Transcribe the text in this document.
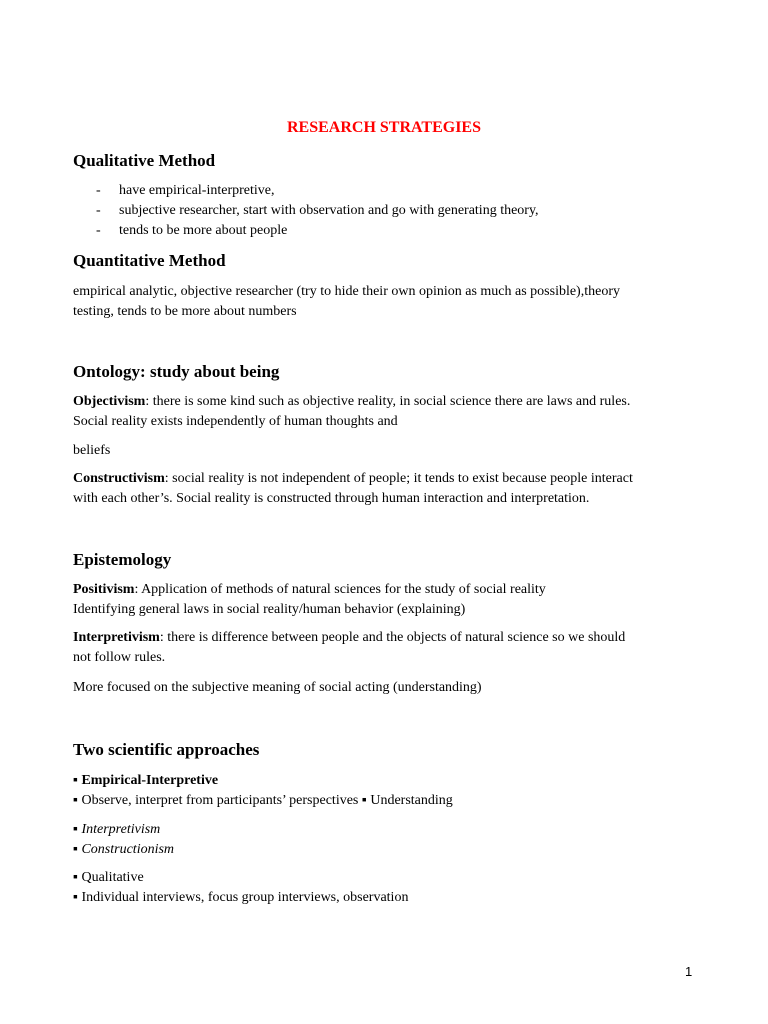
RESEARCH STRATEGIES
Qualitative Method
- have empirical-interpretive,
- subjective researcher, start with observation and go with generating theory,
- tends to be more about people
Quantitative Method
empirical analytic, objective researcher (try to hide their own opinion as much as possible),theory
testing, tends to be more about numbers
Ontology: study about being
Objectivism: there is some kind such as objective reality, in social science there are laws and rules.
Social reality exists independently of human thoughts and
beliefs
Constructivism: social reality is not independent of people; it tends to exist because people interact
with each other’s. Social reality is constructed through human interaction and interpretation.
Epistemology
Positivism: Application of methods of natural sciences for the study of social reality
Identifying general laws in social reality/human behavior (explaining)
Interpretivism: there is difference between people and the objects of natural science so we should
not follow rules.
More focused on the subjective meaning of social acting (understanding)
Two scientific approaches
▪ Empirical-Interpretive
▪ Observe, interpret from participants’ perspectives ▪ Understanding
▪ Interpretivism
▪ Constructionism
▪ Qualitative
▪ Individual interviews, focus group interviews, observation
1
